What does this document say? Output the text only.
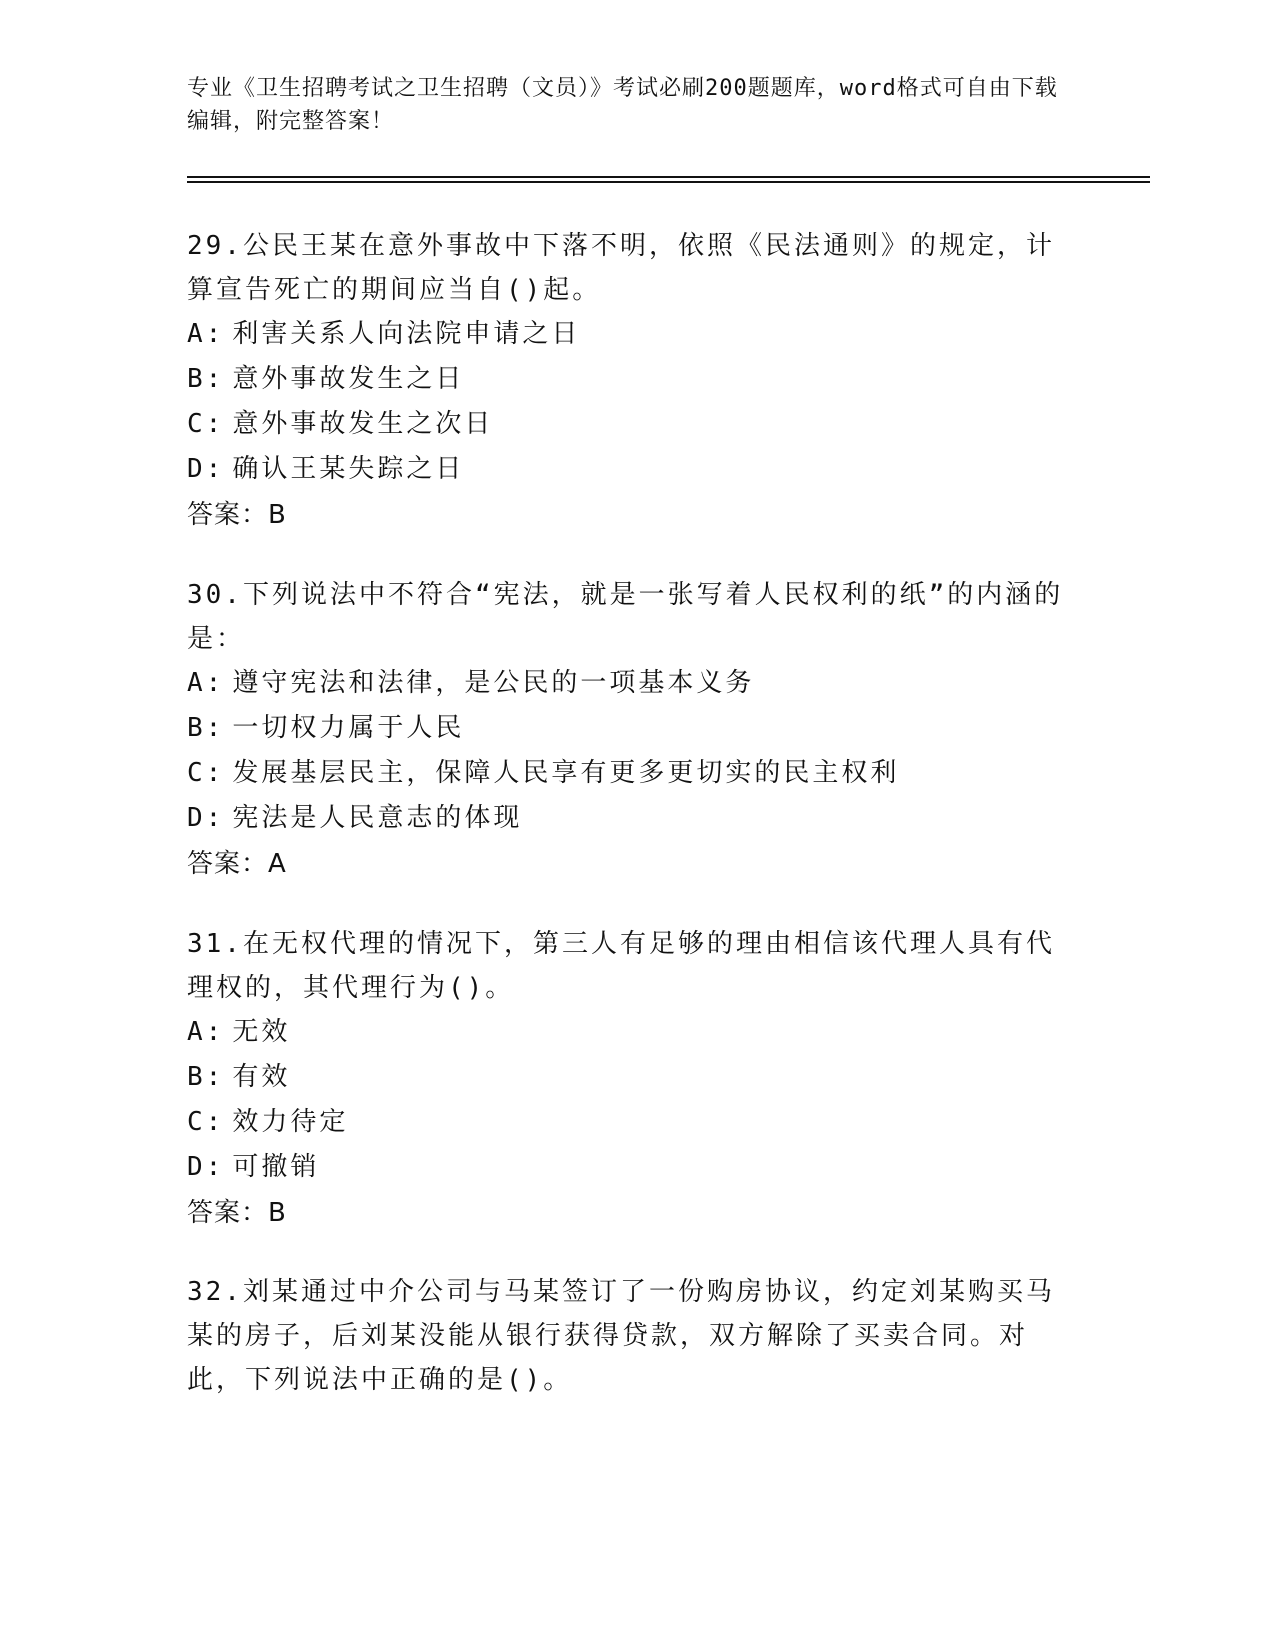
专业《卫生招聘考试之卫生招聘（文员）》考试必刷200题题库，word格式可自由下载编辑，附完整答案！

29.公民王某在意外事故中下落不明，依照《民法通则》的规定，计算宣告死亡的期间应当自()起。

A: 利害关系人向法院申请之日

B: 意外事故发生之日

C: 意外事故发生之次日

D: 确认王某失踪之日

答案：B

30.下列说法中不符合“宪法，就是一张写着人民权利的纸”的内涵的是：

A: 遵守宪法和法律，是公民的一项基本义务

B: 一切权力属于人民

C: 发展基层民主，保障人民享有更多更切实的民主权利

D: 宪法是人民意志的体现

答案：A

31.在无权代理的情况下，第三人有足够的理由相信该代理人具有代理权的，其代理行为()。

A: 无效

B: 有效

C: 效力待定

D: 可撤销

答案：B

32.刘某通过中介公司与马某签订了一份购房协议，约定刘某购买马某的房子，后刘某没能从银行获得贷款，双方解除了买卖合同。对此，下列说法中正确的是()。
